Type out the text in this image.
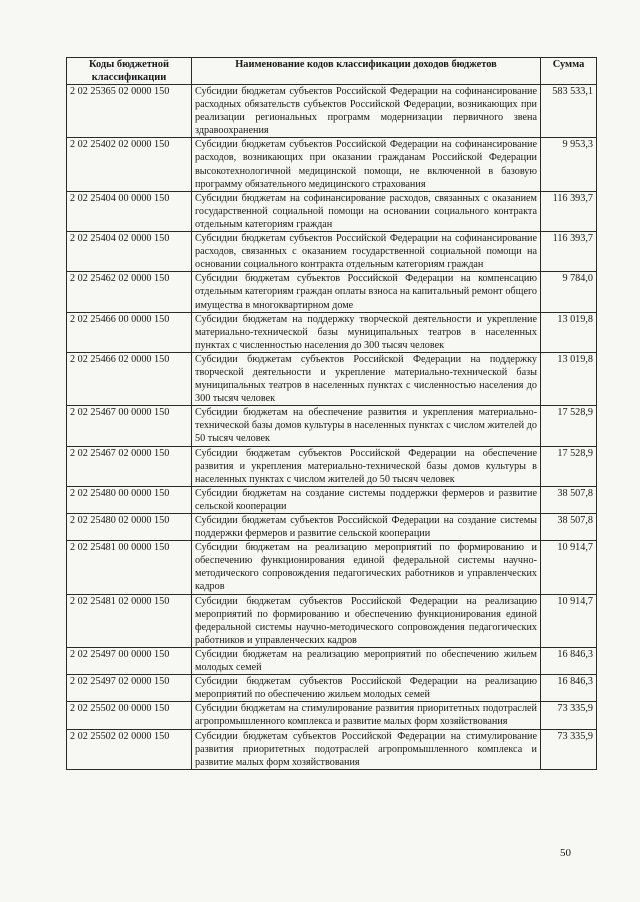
Коды бюджетной классификации	Наименование кодов классификации доходов бюджетов	Сумма
2 02 25365 02 0000 150	Субсидии бюджетам субъектов Российской Федерации на софинансирование расходных обязательств субъектов Российской Федерации, возникающих при реализации региональных программ модернизации первичного звена здравоохранения	583 533,1
2 02 25402 02 0000 150	Субсидии бюджетам субъектов Российской Федерации на софинансирование расходов, возникающих при оказании гражданам Российской Федерации высокотехнологичной медицинской помощи, не включенной в базовую программу обязательного медицинского страхования	9 953,3
2 02 25404 00 0000 150	Субсидии бюджетам на софинансирование расходов, связанных с оказанием государственной социальной помощи на основании социального контракта отдельным категориям граждан	116 393,7
2 02 25404 02 0000 150	Субсидии бюджетам субъектов Российской Федерации на софинансирование расходов, связанных с оказанием государственной социальной помощи на основании социального контракта отдельным категориям граждан	116 393,7
2 02 25462 02 0000 150	Субсидии бюджетам субъектов Российской Федерации на компенсацию отдельным категориям граждан оплаты взноса на капитальный ремонт общего имущества в многоквартирном доме	9 784,0
2 02 25466 00 0000 150	Субсидии бюджетам на поддержку творческой деятельности и укрепление материально-технической базы муниципальных театров в населенных пунктах с численностью населения до 300 тысяч человек	13 019,8
2 02 25466 02 0000 150	Субсидии бюджетам субъектов Российской Федерации на поддержку творческой деятельности и укрепление материально-технической базы муниципальных театров в населенных пунктах с численностью населения до 300 тысяч человек	13 019,8
2 02 25467 00 0000 150	Субсидии бюджетам на обеспечение развития и укрепления материально-технической базы домов культуры в населенных пунктах с числом жителей до 50 тысяч человек	17 528,9
2 02 25467 02 0000 150	Субсидии бюджетам субъектов Российской Федерации на обеспечение развития и укрепления материально-технической базы домов культуры в населенных пунктах с числом жителей до 50 тысяч человек	17 528,9
2 02 25480 00 0000 150	Субсидии бюджетам на создание системы поддержки фермеров и развитие сельской кооперации	38 507,8
2 02 25480 02 0000 150	Субсидии бюджетам субъектов Российской Федерации на создание системы поддержки фермеров и развитие сельской кооперации	38 507,8
2 02 25481 00 0000 150	Субсидии бюджетам на реализацию мероприятий по формированию и обеспечению функционирования единой федеральной системы научно-методического сопровождения педагогических работников и управленческих кадров	10 914,7
2 02 25481 02 0000 150	Субсидии бюджетам субъектов Российской Федерации на реализацию мероприятий по формированию и обеспечению функционирования единой федеральной системы научно-методического сопровождения педагогических работников и управленческих кадров	10 914,7
2 02 25497 00 0000 150	Субсидии бюджетам на реализацию мероприятий по обеспечению жильем молодых семей	16 846,3
2 02 25497 02 0000 150	Субсидии бюджетам субъектов Российской Федерации на реализацию мероприятий по обеспечению жильем молодых семей	16 846,3
2 02 25502 00 0000 150	Субсидии бюджетам на стимулирование развития приоритетных подотраслей агропромышленного комплекса и развитие малых форм хозяйствования	73 335,9
2 02 25502 02 0000 150	Субсидии бюджетам субъектов Российской Федерации на стимулирование развития приоритетных подотраслей агропромышленного комплекса и развитие малых форм хозяйствования	73 335,9
50
